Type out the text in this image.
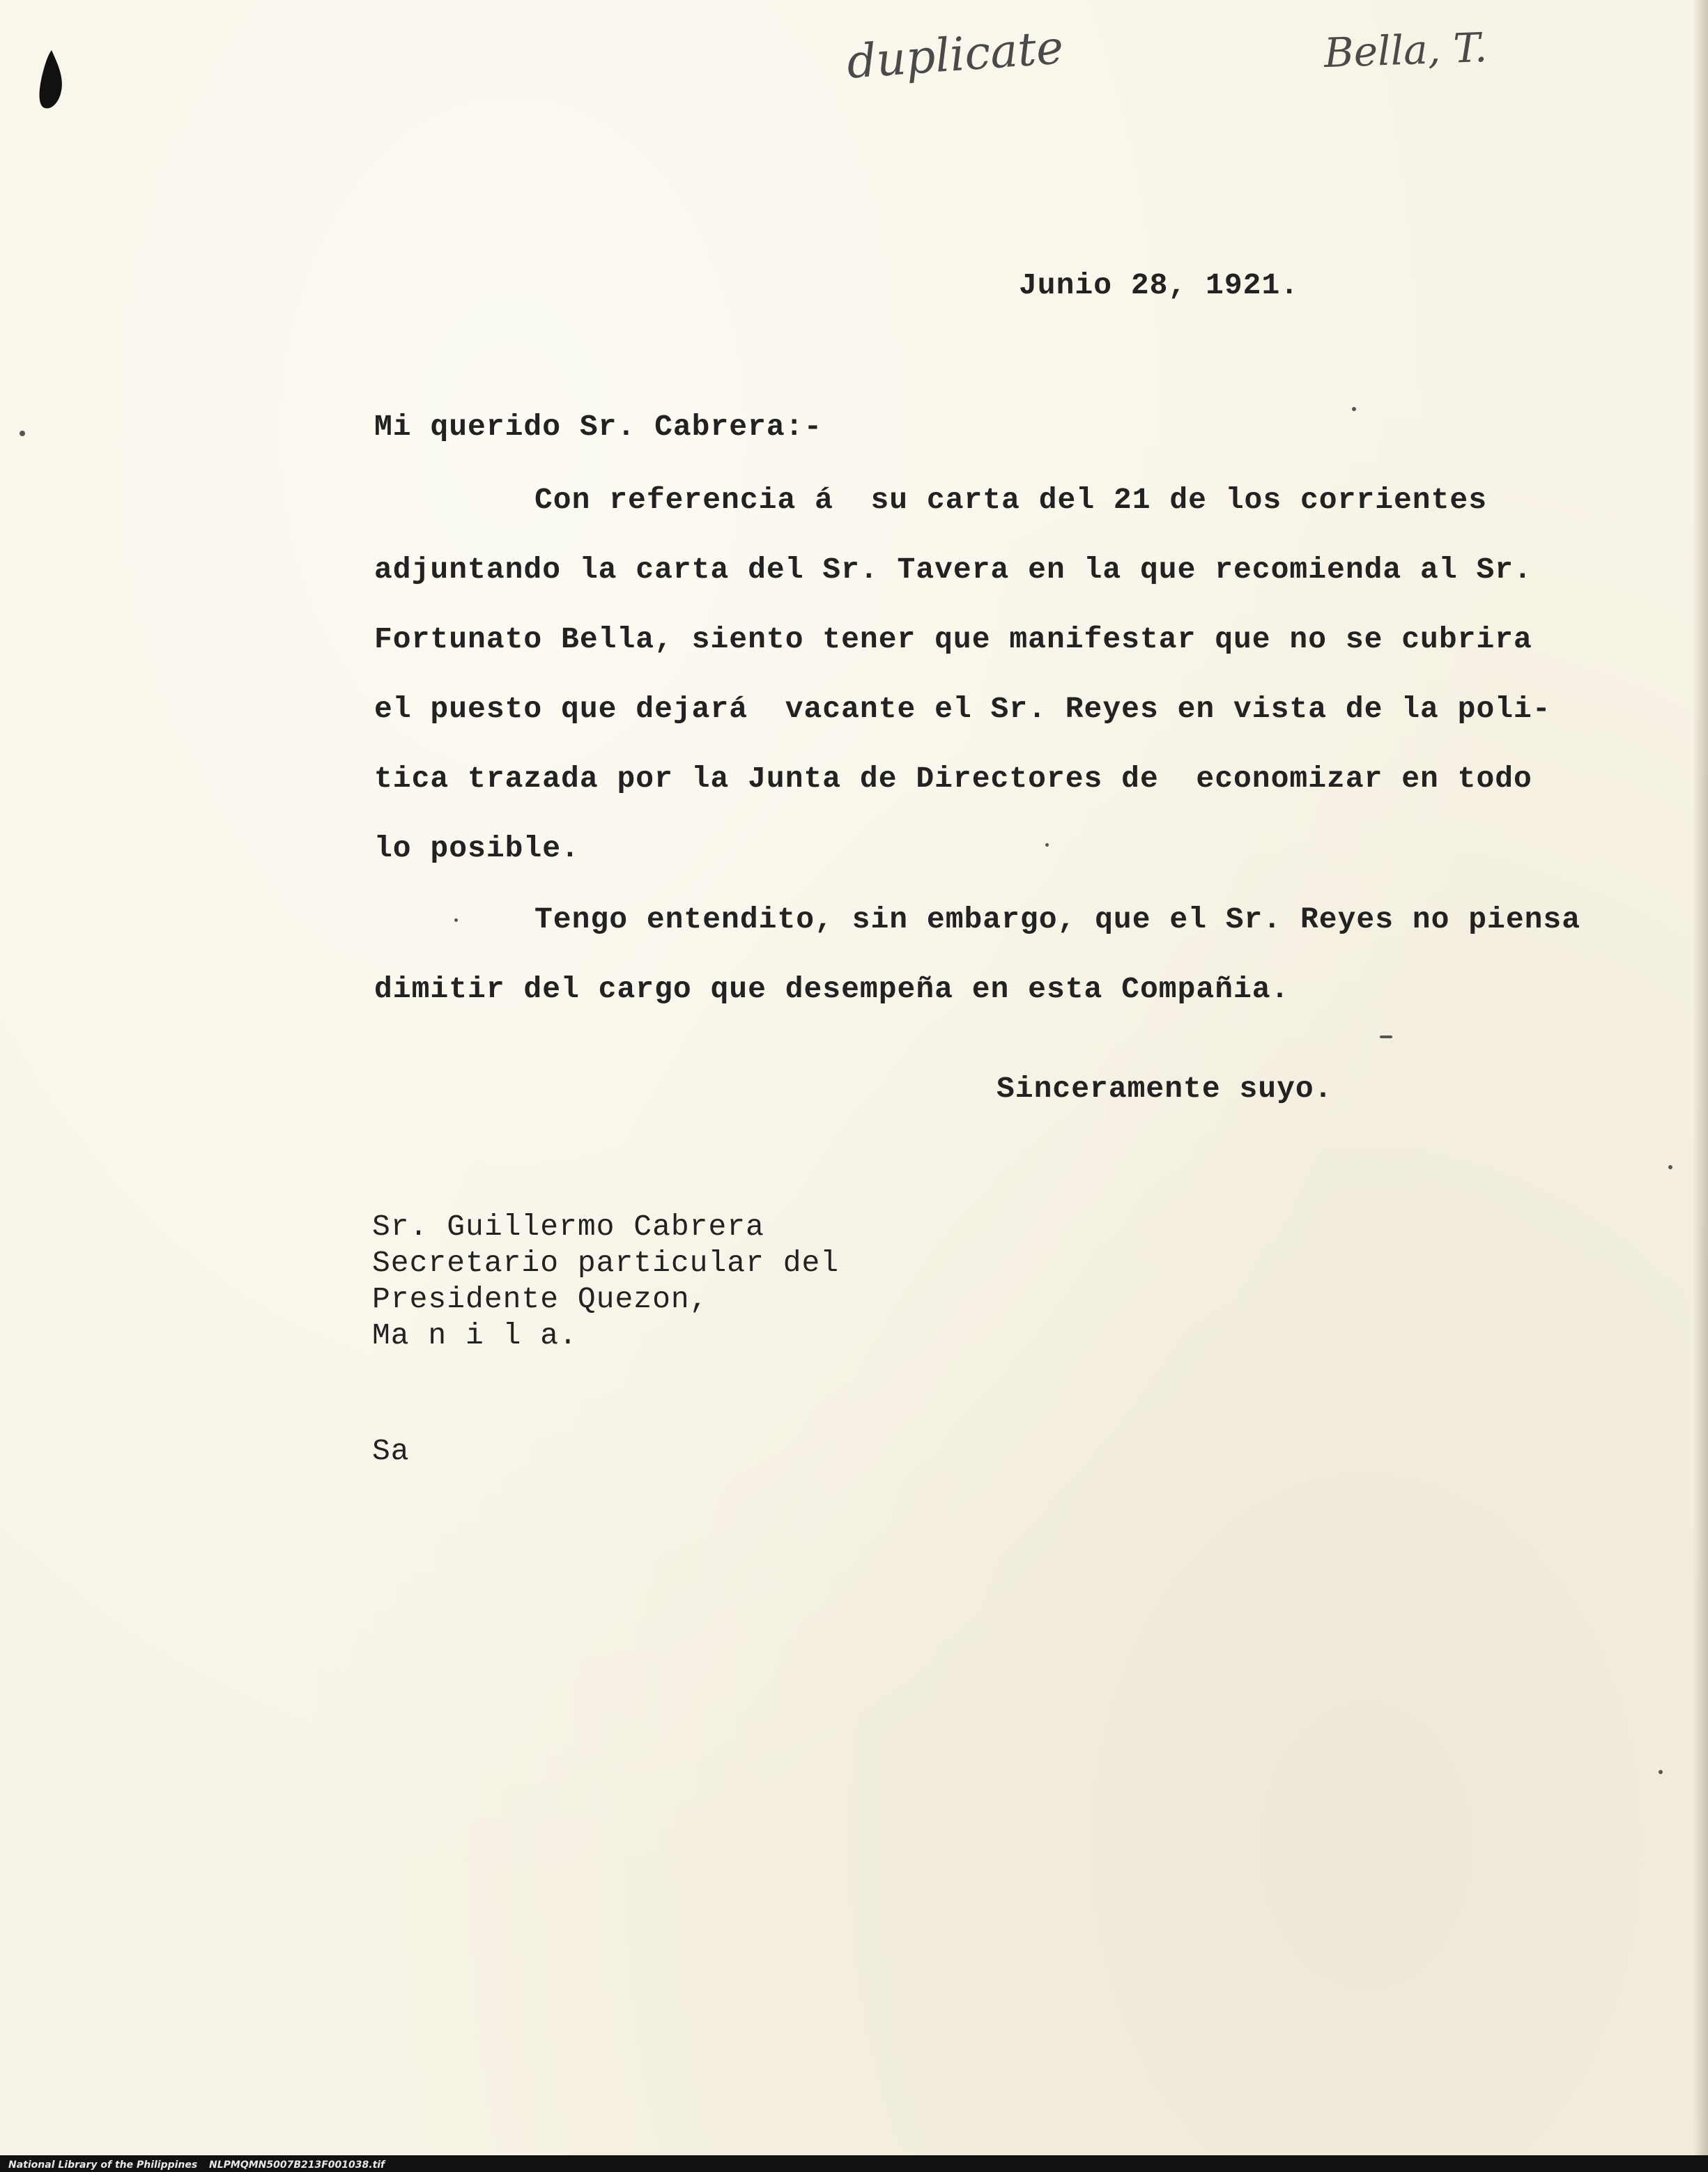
duplicate	Bella, T.
Junio 28, 1921.
Mi querido Sr. Cabrera:-
Con referencia á  su carta del 21 de los corrientes
adjuntando la carta del Sr. Tavera en la que recomienda al Sr.
Fortunato Bella, siento tener que manifestar que no se cubrira
el puesto que dejará  vacante el Sr. Reyes en vista de la poli-
tica trazada por la Junta de Directores de  economizar en todo
lo posible.
Tengo entendito, sin embargo, que el Sr. Reyes no piensa
dimitir del cargo que desempeña en esta Compañia.
Sinceramente suyo.
Sr. Guillermo Cabrera
Secretario particular del
Presidente Quezon,
Ma n i l a.
Sa
National Library of the Philippines NLPMQMN5007B213F001038.tif
